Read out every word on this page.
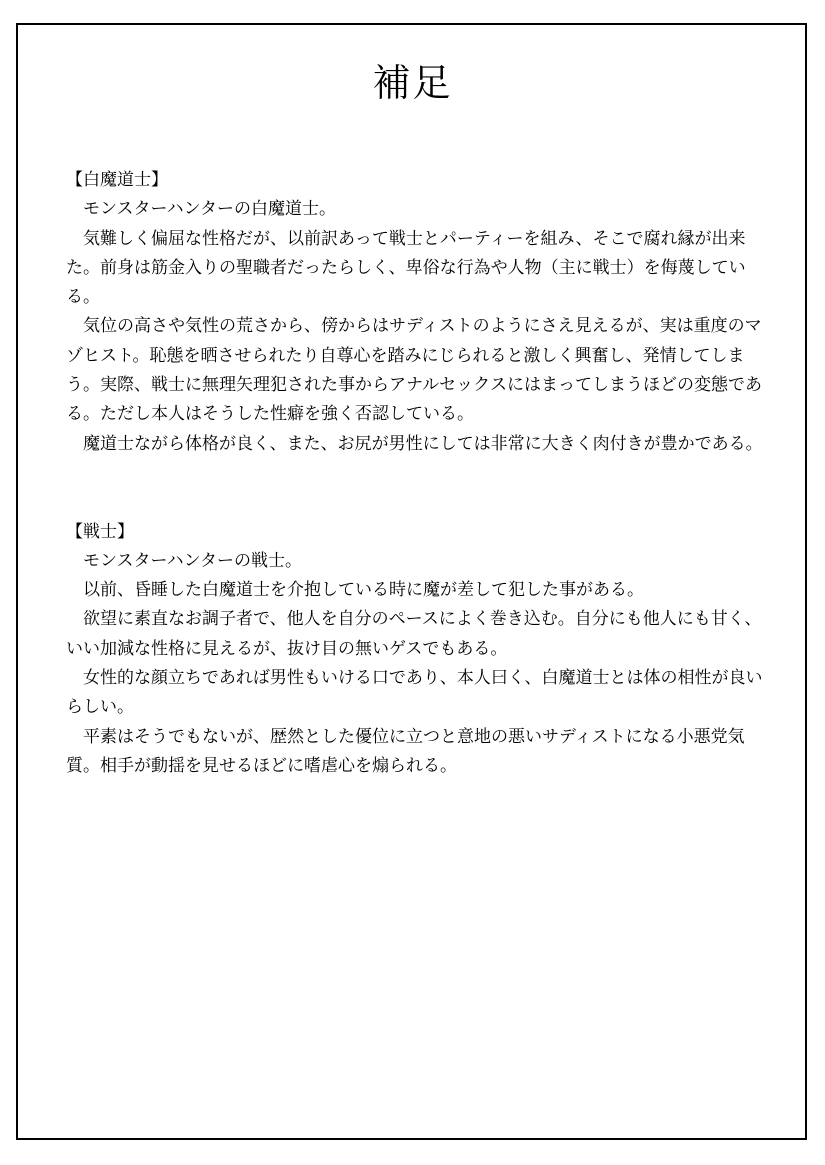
補足

【白魔道士】

モンスターハンターの白魔道士。

気難しく偏屈な性格だが、以前訳あって戦士とパーティーを組み、そこで腐れ縁が出来た。前身は筋金入りの聖職者だったらしく、卑俗な行為や人物（主に戦士）を侮蔑している。

気位の高さや気性の荒さから、傍からはサディストのようにさえ見えるが、実は重度のマゾヒスト。恥態を晒させられたり自尊心を踏みにじられると激しく興奮し、発情してしまう。実際、戦士に無理矢理犯された事からアナルセックスにはまってしまうほどの変態である。ただし本人はそうした性癖を強く否認している。

魔道士ながら体格が良く、また、お尻が男性にしては非常に大きく肉付きが豊かである。

【戦士】

モンスターハンターの戦士。

以前、昏睡した白魔道士を介抱している時に魔が差して犯した事がある。

欲望に素直なお調子者で、他人を自分のペースによく巻き込む。自分にも他人にも甘く、いい加減な性格に見えるが、抜け目の無いゲスでもある。

女性的な顔立ちであれば男性もいける口であり、本人曰く、白魔道士とは体の相性が良いらしい。

平素はそうでもないが、歴然とした優位に立つと意地の悪いサディストになる小悪党気質。相手が動揺を見せるほどに嗜虐心を煽られる。
